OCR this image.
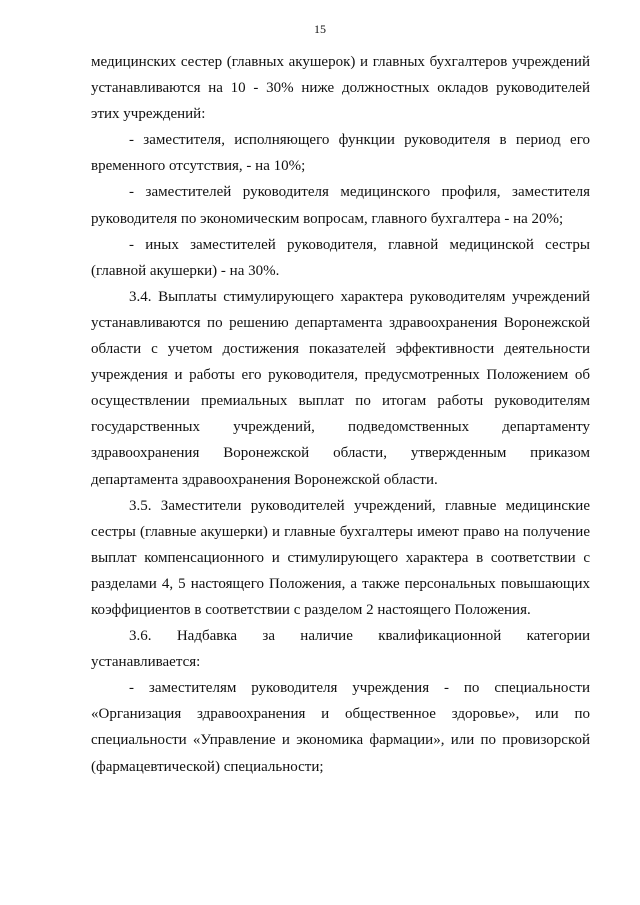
15
медицинских сестер (главных акушерок) и главных бухгалтеров учреждений
устанавливаются на 10 - 30% ниже должностных окладов руководителей
этих учреждений:
- заместителя, исполняющего функции руководителя в период его
временного отсутствия, - на 10%;
- заместителей руководителя медицинского профиля, заместителя
руководителя по экономическим вопросам, главного бухгалтера - на 20%;
- иных заместителей руководителя, главной медицинской сестры
(главной акушерки) - на 30%.
3.4. Выплаты стимулирующего характера руководителям учреждений
устанавливаются по решению департамента здравоохранения Воронежской
области с учетом достижения показателей эффективности деятельности
учреждения и работы его руководителя, предусмотренных Положением об
осуществлении премиальных выплат по итогам работы руководителям
государственных учреждений, подведомственных департаменту
здравоохранения Воронежской области, утвержденным приказом
департамента здравоохранения Воронежской области.
3.5. Заместители руководителей учреждений, главные медицинские
сестры (главные акушерки) и главные бухгалтеры имеют право на получение
выплат компенсационного и стимулирующего характера в соответствии с
разделами 4, 5 настоящего Положения, а также персональных повышающих
коэффициентов в соответствии с разделом 2 настоящего Положения.
3.6. Надбавка за наличие квалификационной категории
устанавливается:
- заместителям руководителя учреждения - по специальности
«Организация здравоохранения и общественное здоровье», или по
специальности «Управление и экономика фармации», или по провизорской
(фармацевтической) специальности;
